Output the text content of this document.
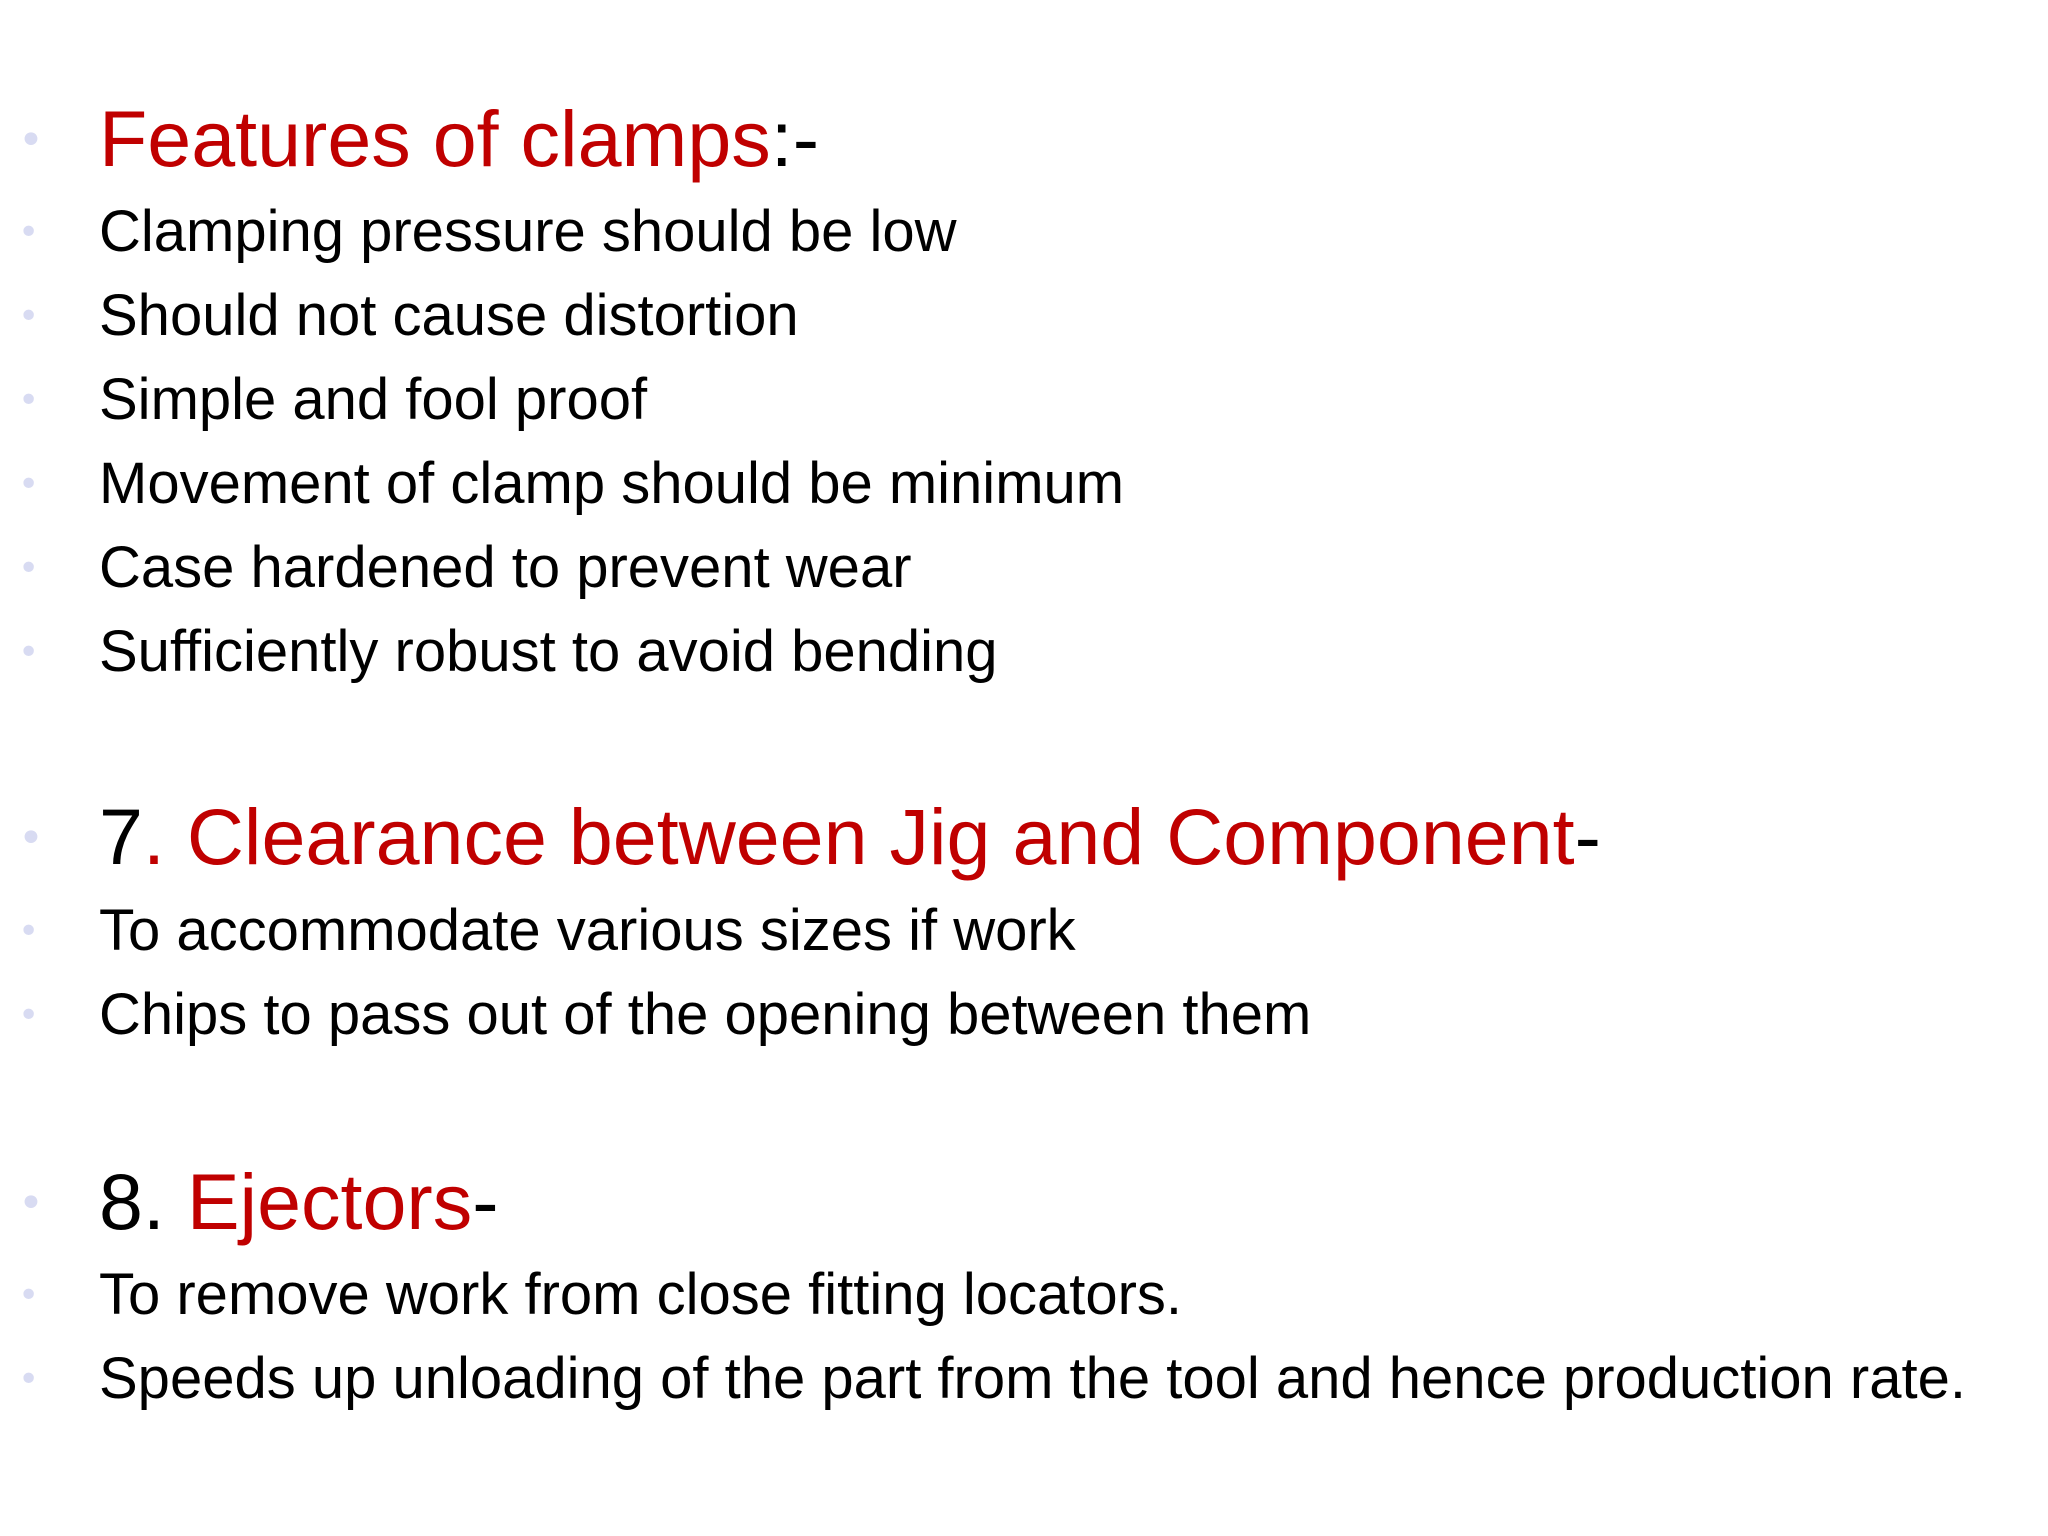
• Features of clamps:-
• Clamping pressure should be low
• Should not cause distortion
• Simple and fool proof
• Movement of clamp should be minimum
• Case hardened to prevent wear
• Sufficiently robust to avoid bending
• 7. Clearance between Jig and Component-
• To accommodate various sizes if work
• Chips to pass out of the opening between them
• 8. Ejectors-
• To remove work from close fitting locators.
• Speeds up unloading of the part from the tool and hence production rate.
